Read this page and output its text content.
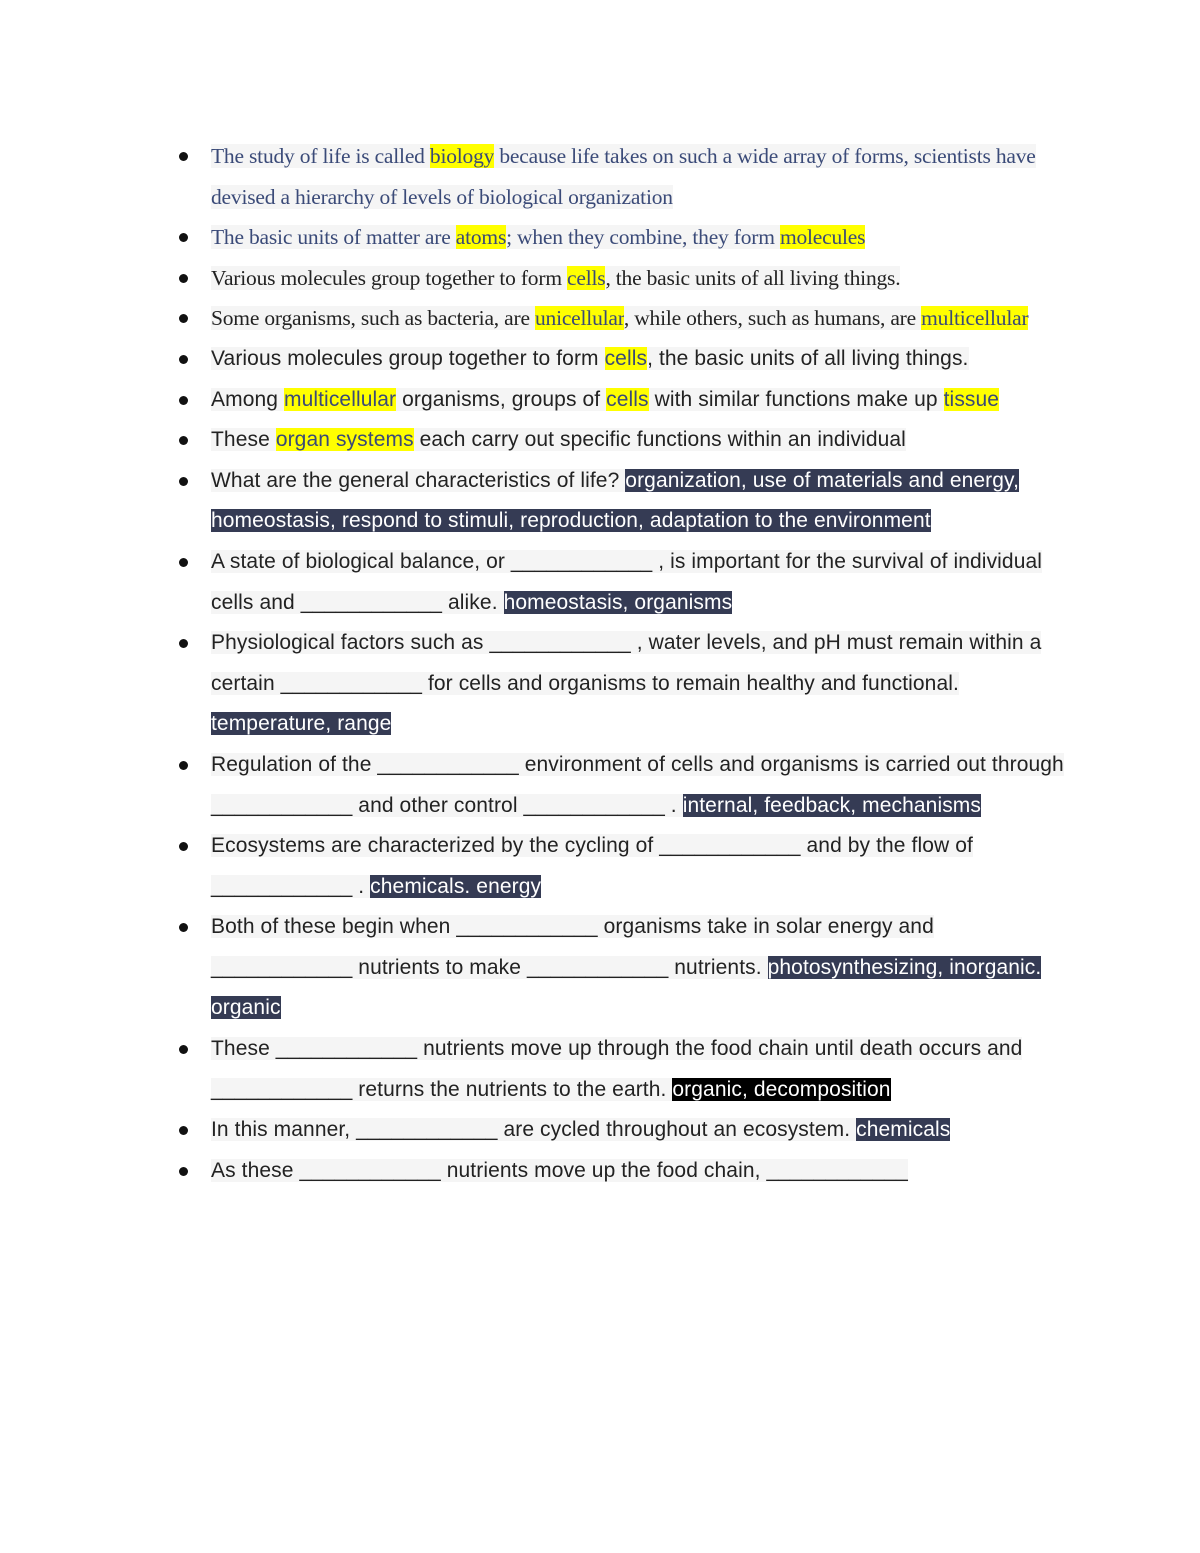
The study of life is called biology because life takes on such a wide array of forms, scientists have devised a hierarchy of levels of biological organization
The basic units of matter are atoms; when they combine, they form molecules
Various molecules group together to form cells, the basic units of all living things.
Some organisms, such as bacteria, are unicellular, while others, such as humans, are multicellular
Various molecules group together to form cells, the basic units of all living things.
Among multicellular organisms, groups of cells with similar functions make up tissue
These organ systems each carry out specific functions within an individual
What are the general characteristics of life? organization, use of materials and energy, homeostasis, respond to stimuli, reproduction, adaptation to the environment
A state of biological balance, or ____________ , is important for the survival of individual cells and ____________ alike. homeostasis, organisms
Physiological factors such as ____________ , water levels, and pH must remain within a certain ____________ for cells and organisms to remain healthy and functional. temperature, range
Regulation of the ____________ environment of cells and organisms is carried out through ____________ and other control ____________ . internal, feedback, mechanisms
Ecosystems are characterized by the cycling of ____________ and by the flow of ____________ . chemicals. energy
Both of these begin when ____________ organisms take in solar energy and ____________ nutrients to make ____________ nutrients. photosynthesizing, inorganic. organic
These ____________ nutrients move up through the food chain until death occurs and ____________ returns the nutrients to the earth. organic, decomposition
In this manner, ____________ are cycled throughout an ecosystem. chemicals
As these ____________ nutrients move up the food chain, ____________
